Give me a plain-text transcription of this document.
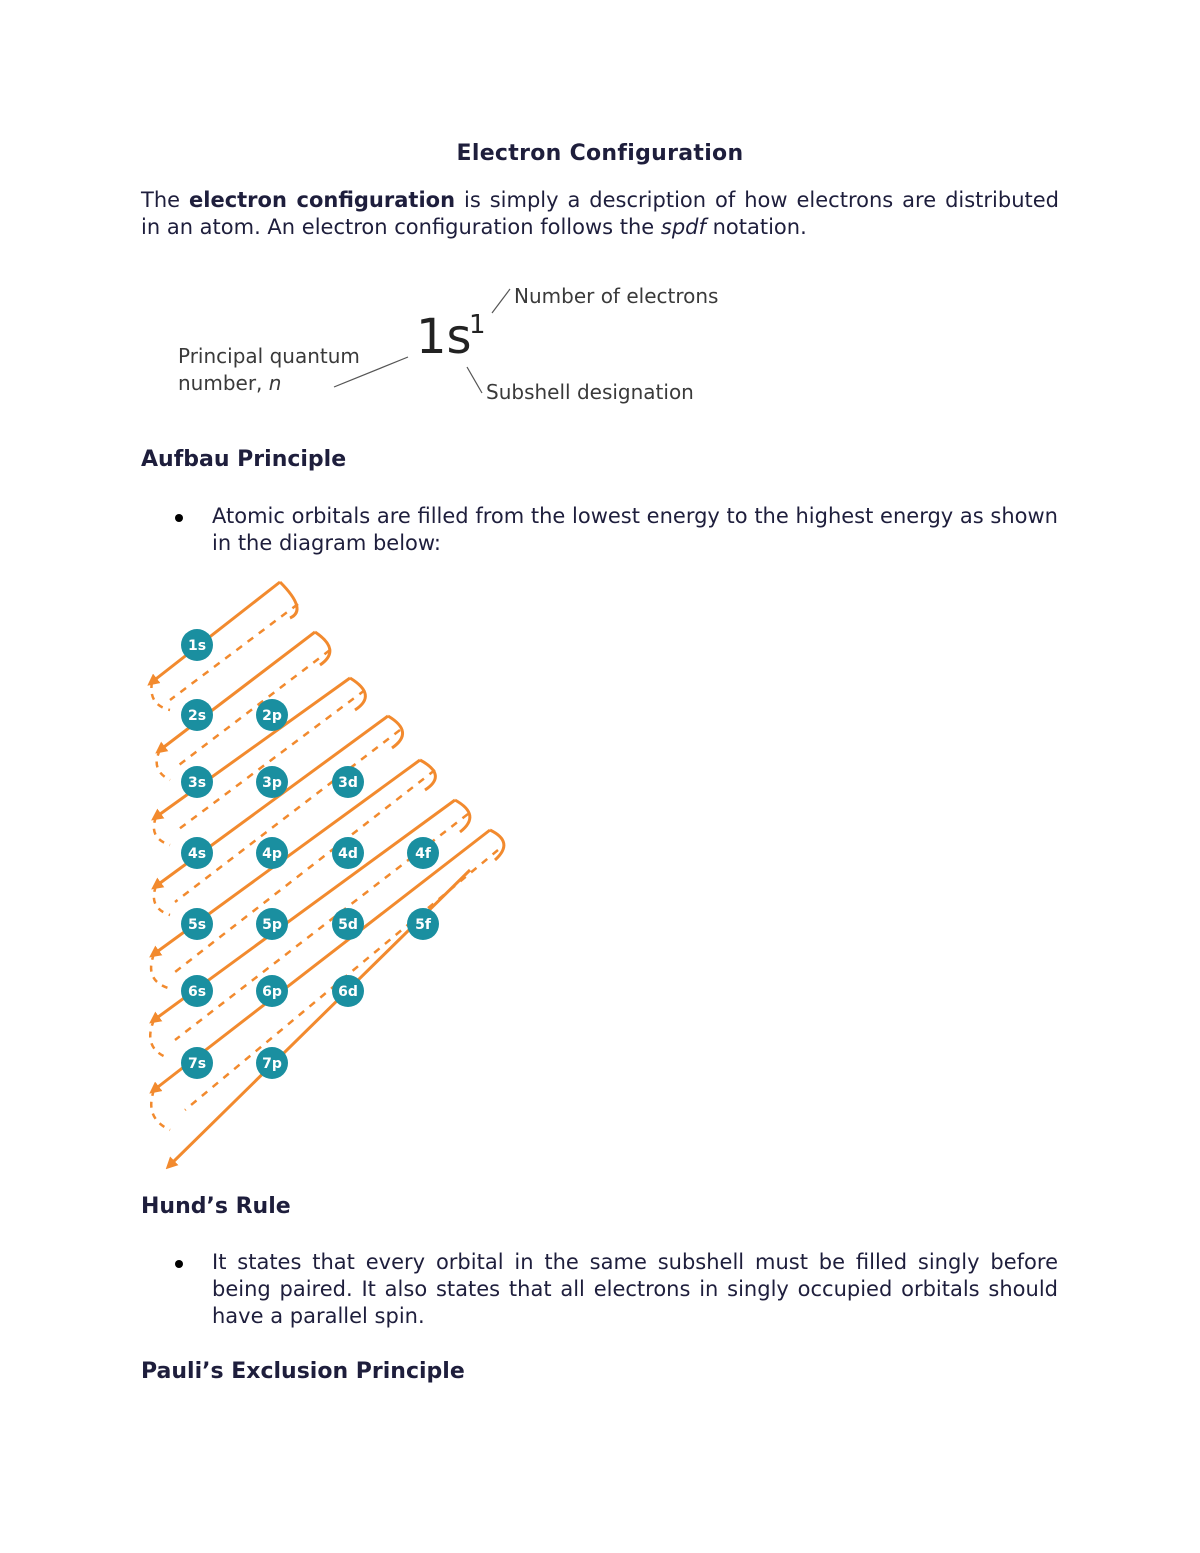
Electron Configuration
The electron configuration is simply a description of how electrons are distributed in an atom. An electron configuration follows the spdf notation.
Number of electrons
1s
1
Principal quantum
number, n	Subshell designation
Aufbau Principle
Atomic orbitals are filled from the lowest energy to the highest energy as shown in the diagram below:
1s
2s	2p
3s	3p	3d
4s	4p	4d	4f
5s	5p	5d	5f
6s	6p	6d
7s	7p
Hund’s Rule
It states that every orbital in the same subshell must be filled singly before being paired. It also states that all electrons in singly occupied orbitals should have a parallel spin.
Pauli’s Exclusion Principle
